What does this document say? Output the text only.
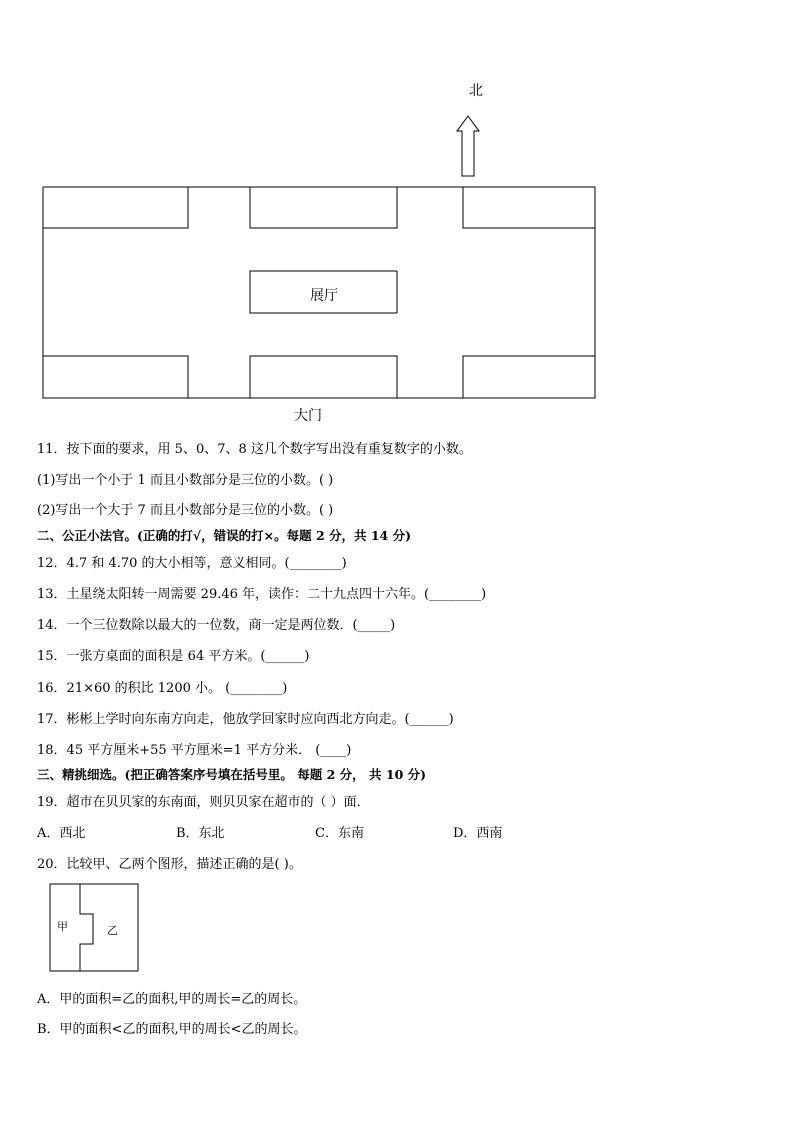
北
展厅
大门
11．按下面的要求，用 5、0、7、8 这几个数字写出没有重复数字的小数。
(1)写出一个小于 1 而且小数部分是三位的小数。( )
(2)写出一个大于 7 而且小数部分是三位的小数。( )
二、公正小法官。(正确的打√，错误的打×。每题 2 分，共 14 分)
12．4.7 和 4.70 的大小相等，意义相同。(________)
13．土星绕太阳转一周需要 29.46 年，读作：二十九点四十六年。(________)
14．一个三位数除以最大的一位数，商一定是两位数．(_____)
15．一张方桌面的面积是 64 平方米。(______)
16．21×60 的积比 1200 小。 (________)
17．彬彬上学时向东南方向走，他放学回家时应向西北方向走。(______)
18．45 平方厘米+55 平方厘米=1 平方分米． (____)
三、精挑细选。(把正确答案序号填在括号里。 每题 2 分， 共 10 分)
19．超市在贝贝家的东南面，则贝贝家在超市的（ ）面．
A．西北	B．东北	C．东南	D．西南
20．比较甲、乙两个图形，描述正确的是( )。
甲	乙
A．甲的面积=乙的面积,甲的周长=乙的周长。
B．甲的面积<乙的面积,甲的周长<乙的周长。
